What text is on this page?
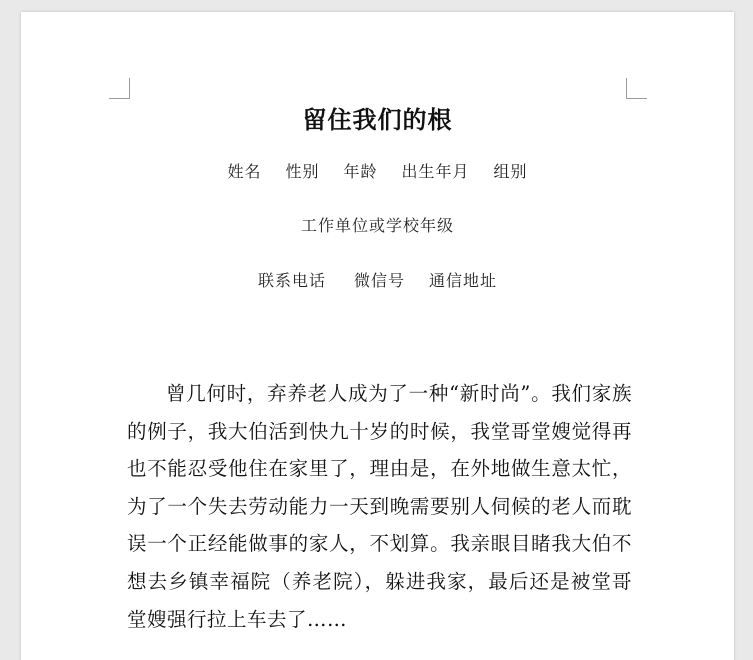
留住我们的根
姓名 性别 年龄 出生年月 组别
工作单位或学校年级
联系电话 微信号 通信地址

曾几何时，弃养老人成为了一种“新时尚”。我们家族的例子，我大伯活到快九十岁的时候，我堂哥堂嫂觉得再也不能忍受他住在家里了，理由是，在外地做生意太忙，为了一个失去劳动能力一天到晚需要别人伺候的老人而耽误一个正经能做事的家人，不划算。我亲眼目睹我大伯不想去乡镇幸福院（养老院），躲进我家，最后还是被堂哥堂嫂强行拉上车去了……
